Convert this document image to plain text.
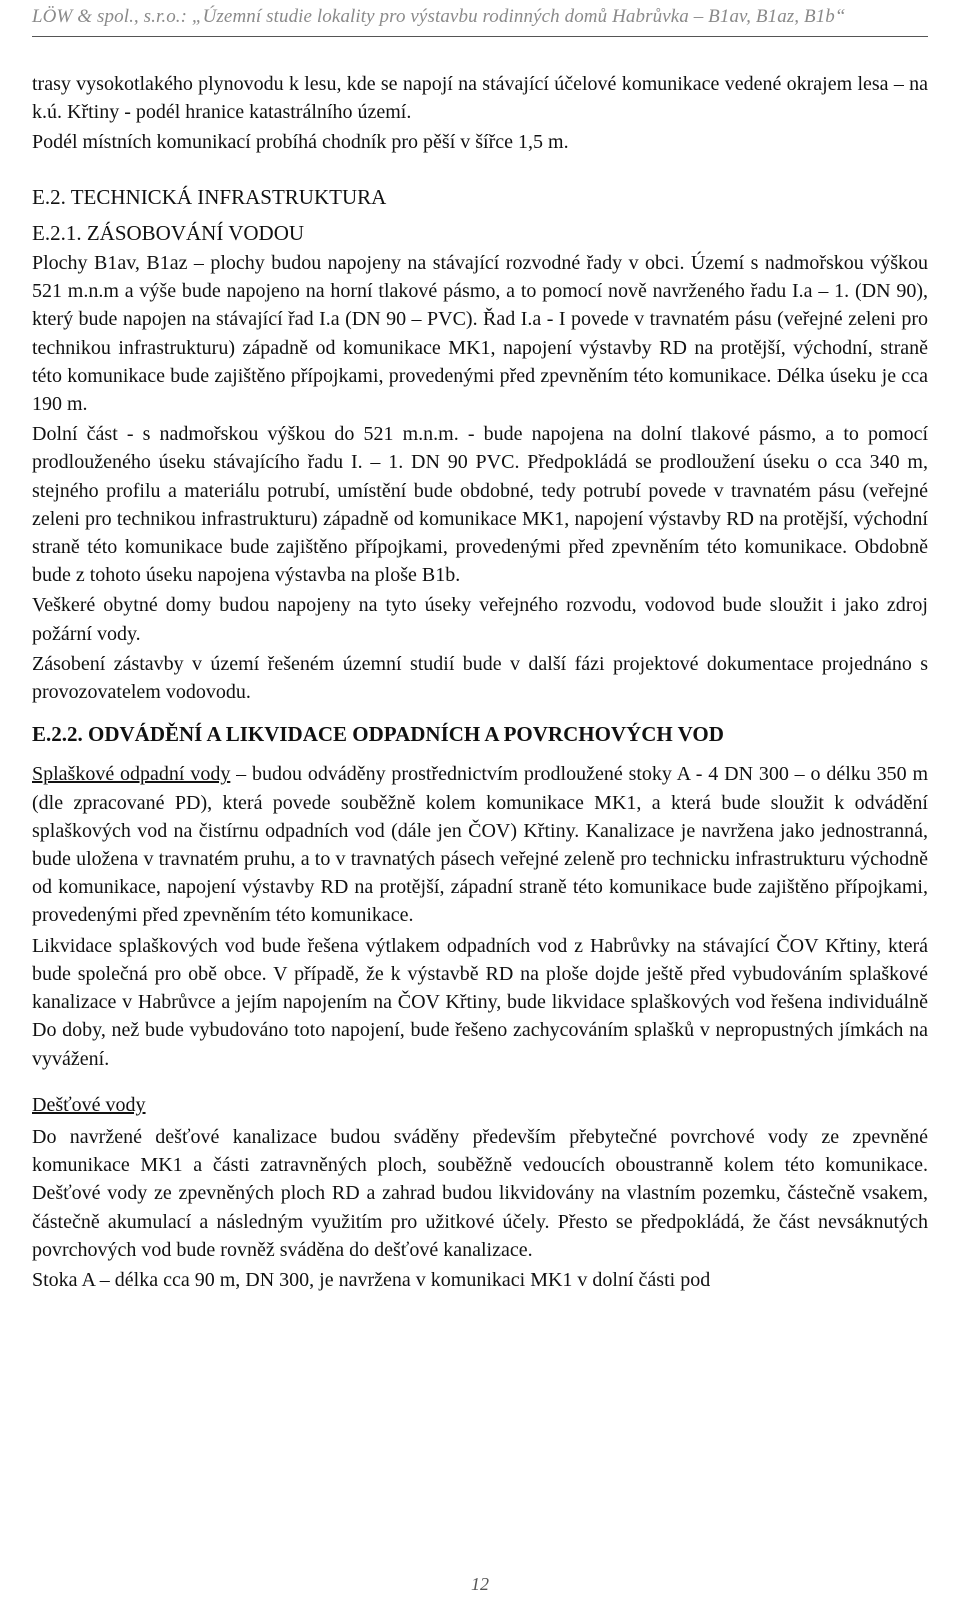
LÖW & spol., s.r.o.: „Územní studie lokality pro výstavbu rodinných domů Habrůvka – B1av, B1az, B1b“

trasy vysokotlakého plynovodu k lesu, kde se napojí na stávající účelové komunikace vedené okrajem lesa – na k.ú. Křtiny - podél hranice katastrálního území.

Podél místních komunikací probíhá chodník pro pěší v šířce 1,5 m.

E.2. TECHNICKÁ INFRASTRUKTURA
E.2.1. ZÁSOBOVÁNÍ VODOU

Plochy B1av, B1az – plochy budou napojeny na stávající rozvodné řady v obci. Území s nadmořskou výškou 521 m.n.m a výše bude napojeno na horní tlakové pásmo, a to pomocí nově navrženého řadu I.a – 1. (DN 90), který bude napojen na stávající řad I.a (DN 90 – PVC). Řad I.a - I povede v travnatém pásu (veřejné zeleni pro technikou infrastrukturu) západně od komunikace MK1, napojení výstavby RD na protější, východní, straně této komunikace bude zajištěno přípojkami, provedenými před zpevněním této komunikace. Délka úseku je cca 190 m.

Dolní část - s nadmořskou výškou do 521 m.n.m. - bude napojena na dolní tlakové pásmo, a to pomocí prodlouženého úseku stávajícího řadu I. – 1. DN 90 PVC. Předpokládá se prodloužení úseku o cca 340 m, stejného profilu a materiálu potrubí, umístění bude obdobné, tedy potrubí povede v travnatém pásu (veřejné zeleni pro technikou infrastrukturu) západně od komunikace MK1, napojení výstavby RD na protější, východní straně této komunikace bude zajištěno přípojkami, provedenými před zpevněním této komunikace. Obdobně bude z tohoto úseku napojena výstavba na ploše B1b.

Veškeré obytné domy budou napojeny na tyto úseky veřejného rozvodu, vodovod bude sloužit i jako zdroj požární vody.

Zásobení zástavby v území řešeném územní studií bude v další fázi projektové dokumentace projednáno s provozovatelem vodovodu.

E.2.2. ODVÁDĚNÍ A LIKVIDACE ODPADNÍCH A POVRCHOVÝCH VOD

Splaškové odpadní vody – budou odváděny prostřednictvím prodloužené stoky A - 4 DN 300 – o délku 350 m (dle zpracované PD), která povede souběžně kolem komunikace MK1, a která bude sloužit k odvádění splaškových vod na čistírnu odpadních vod (dále jen ČOV) Křtiny. Kanalizace je navržena jako jednostranná, bude uložena v travnatém pruhu, a to v travnatých pásech veřejné zeleně pro technicku infrastrukturu východně od komunikace, napojení výstavby RD na protější, západní straně této komunikace bude zajištěno přípojkami, provedenými před zpevněním této komunikace.

Likvidace splaškových vod bude řešena výtlakem odpadních vod z Habrůvky na stávající ČOV Křtiny, která bude společná pro obě obce. V případě, že k výstavbě RD na ploše dojde ještě před vybudováním splaškové kanalizace v Habrůvce a jejím napojením na ČOV Křtiny, bude likvidace splaškových vod řešena individuálně Do doby, než bude vybudováno toto napojení, bude řešeno zachycováním splašků v nepropustných jímkách na vyvážení.

Dešťové vody

Do navržené dešťové kanalizace budou sváděny především přebytečné povrchové vody ze zpevněné komunikace MK1 a části zatravněných ploch, souběžně vedoucích oboustranně kolem této komunikace. Dešťové vody ze zpevněných ploch RD a zahrad budou likvidovány na vlastním pozemku, částečně vsakem, částečně akumulací a následným využitím pro užitkové účely. Přesto se předpokládá, že část nevsáknutých povrchových vod bude rovněž sváděna do dešťové kanalizace.

Stoka A – délka cca 90 m, DN 300, je navržena v komunikaci MK1 v dolní části pod

12
